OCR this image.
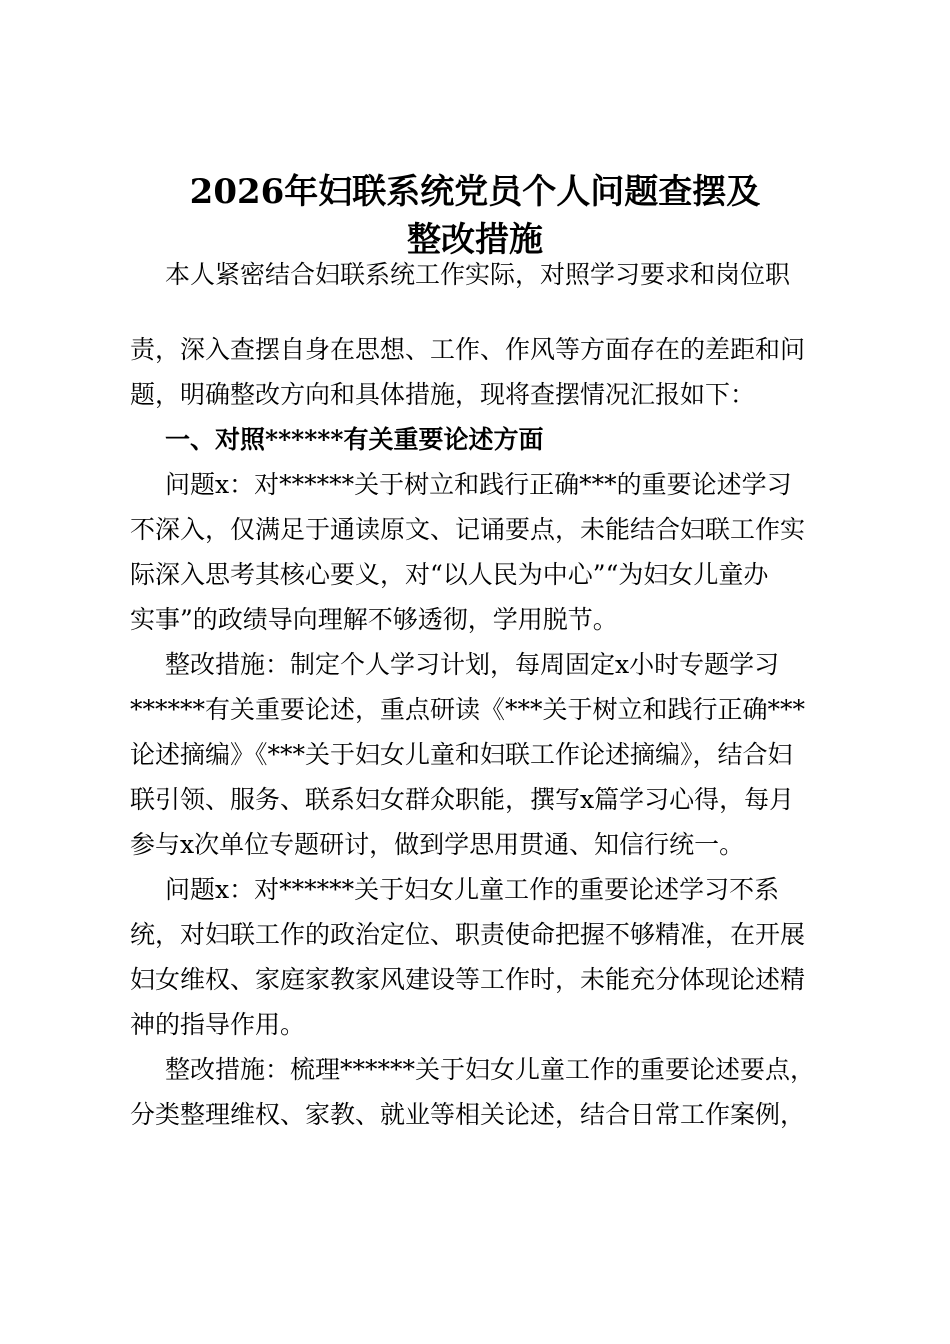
2026年妇联系统党员个人问题查摆及
整改措施

本人紧密结合妇联系统工作实际，对照学习要求和岗位职

责，深入查摆自身在思想、工作、作风等方面存在的差距和问

题，明确整改方向和具体措施，现将查摆情况汇报如下：

一、对照******有关重要论述方面

问题x：对******关于树立和践行正确***的重要论述学习

不深入，仅满足于通读原文、记诵要点，未能结合妇联工作实

际深入思考其核心要义，对“以人民为中心”“为妇女儿童办

实事”的政绩导向理解不够透彻，学用脱节。

整改措施：制定个人学习计划，每周固定x小时专题学习

******有关重要论述，重点研读《***关于树立和践行正确***

论述摘编》《***关于妇女儿童和妇联工作论述摘编》，结合妇

联引领、服务、联系妇女群众职能，撰写x篇学习心得，每月

参与x次单位专题研讨，做到学思用贯通、知信行统一。

问题x：对******关于妇女儿童工作的重要论述学习不系

统，对妇联工作的政治定位、职责使命把握不够精准，在开展

妇女维权、家庭家教家风建设等工作时，未能充分体现论述精

神的指导作用。

整改措施：梳理******关于妇女儿童工作的重要论述要点，

分类整理维权、家教、就业等相关论述，结合日常工作案例，
